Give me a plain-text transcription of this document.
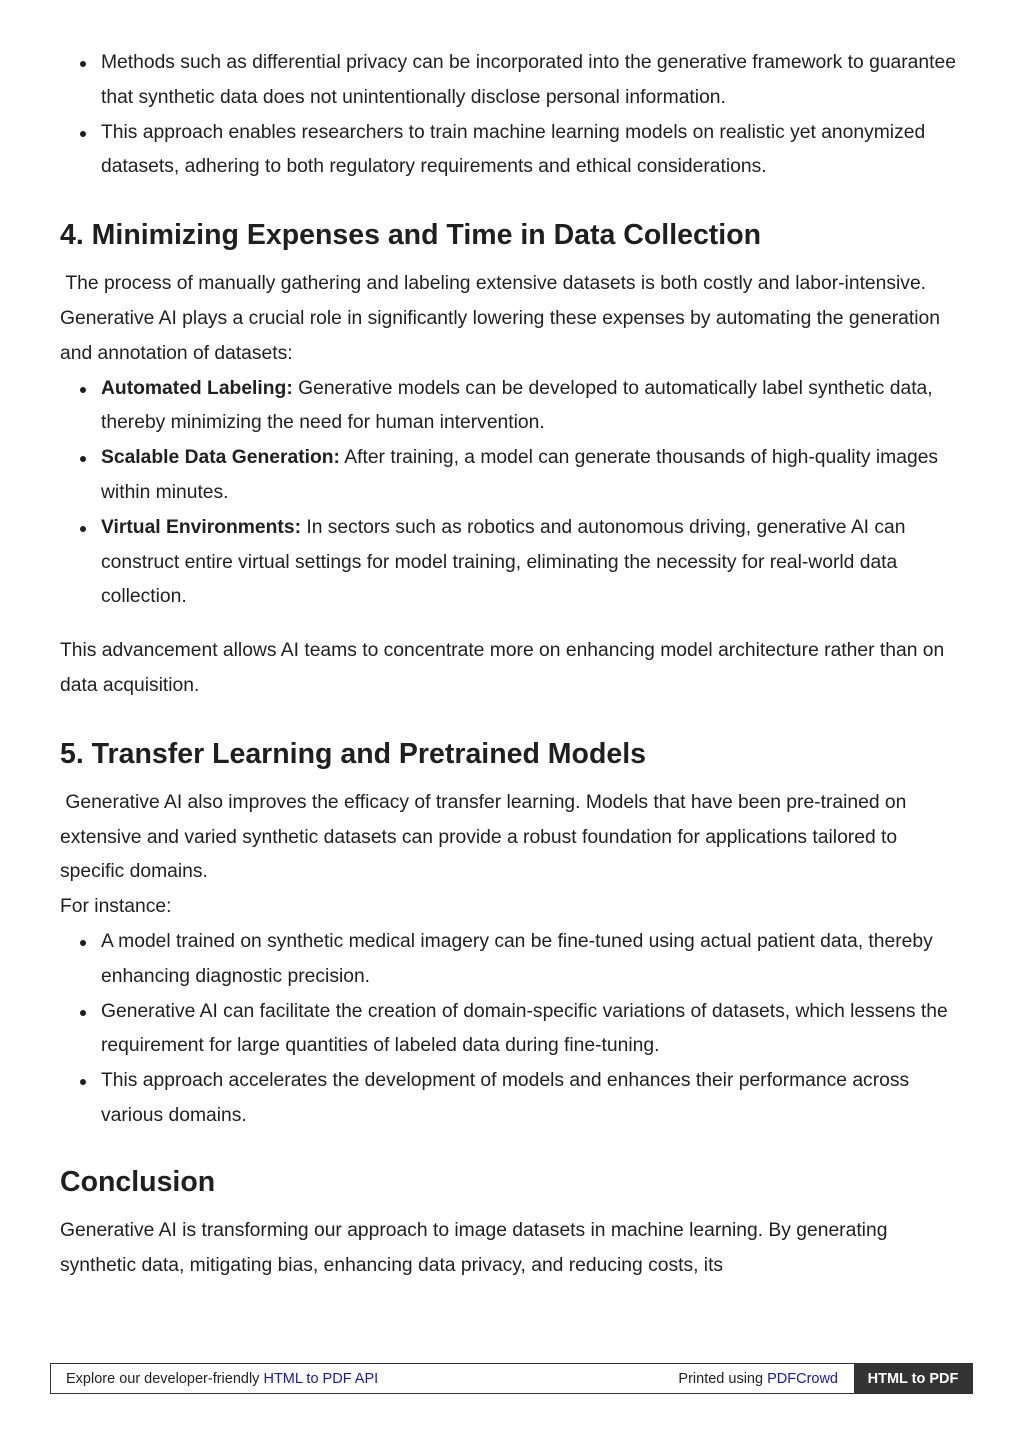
Methods such as differential privacy can be incorporated into the generative framework to guarantee that synthetic data does not unintentionally disclose personal information.
This approach enables researchers to train machine learning models on realistic yet anonymized datasets, adhering to both regulatory requirements and ethical considerations.
4. Minimizing Expenses and Time in Data Collection

The process of manually gathering and labeling extensive datasets is both costly and labor-intensive. Generative AI plays a crucial role in significantly lowering these expenses by automating the generation and annotation of datasets:

Automated Labeling: Generative models can be developed to automatically label synthetic data, thereby minimizing the need for human intervention.
Scalable Data Generation: After training, a model can generate thousands of high-quality images within minutes.
Virtual Environments: In sectors such as robotics and autonomous driving, generative AI can construct entire virtual settings for model training, eliminating the necessity for real-world data collection.

This advancement allows AI teams to concentrate more on enhancing model architecture rather than on data acquisition.

5. Transfer Learning and Pretrained Models

Generative AI also improves the efficacy of transfer learning. Models that have been pre-trained on extensive and varied synthetic datasets can provide a robust foundation for applications tailored to specific domains.

For instance:

A model trained on synthetic medical imagery can be fine-tuned using actual patient data, thereby enhancing diagnostic precision.
Generative AI can facilitate the creation of domain-specific variations of datasets, which lessens the requirement for large quantities of labeled data during fine-tuning.
This approach accelerates the development of models and enhances their performance across various domains.
Conclusion

Generative AI is transforming our approach to image datasets in machine learning. By generating synthetic data, mitigating bias, enhancing data privacy, and reducing costs, its

Explore our developer-friendly HTML to PDF API	Printed using PDFCrowd	HTML to PDF
